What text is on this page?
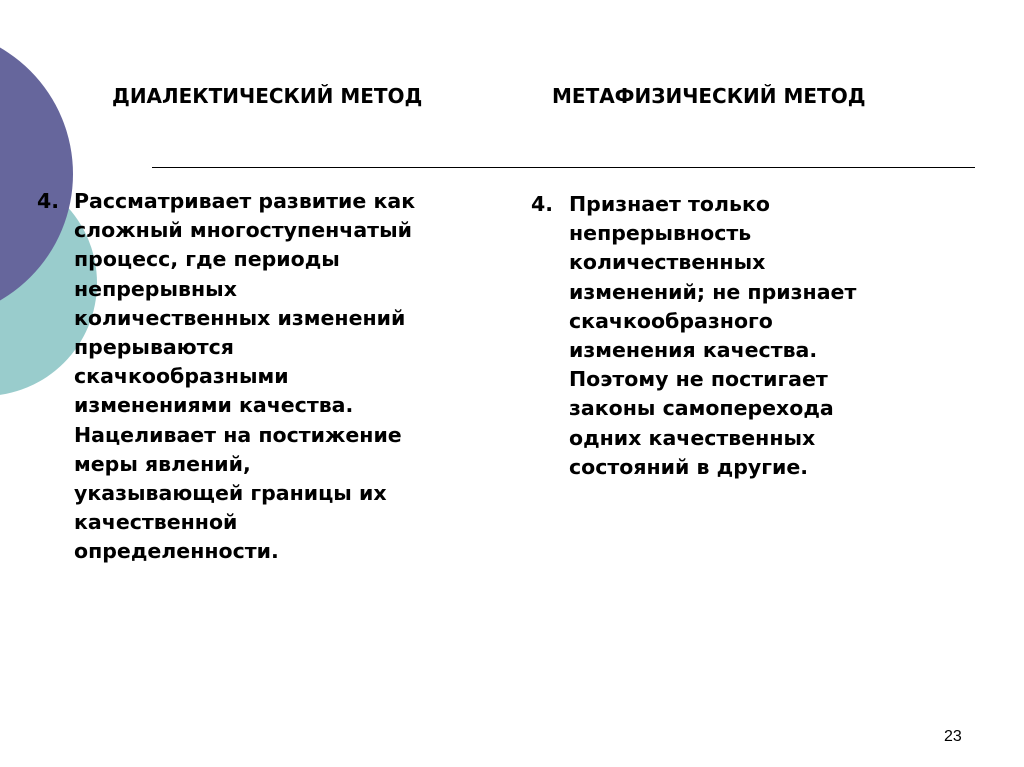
ДИАЛЕКТИЧЕСКИЙ МЕТОД	МЕТАФИЗИЧЕСКИЙ МЕТОД
4. Рассматривает развитие как
сложный многоступенчатый
процесс, где периоды
непрерывных
количественных изменений
прерываются
скачкообразными
изменениями качества.
Нацеливает на постижение
меры явлений,
указывающей границы их
качественной
определенности.
4. Признает только
непрерывность
количественных
изменений; не признает
скачкообразного
изменения качества.
Поэтому не постигает
законы самоперехода
одних качественных
состояний в другие.
23
